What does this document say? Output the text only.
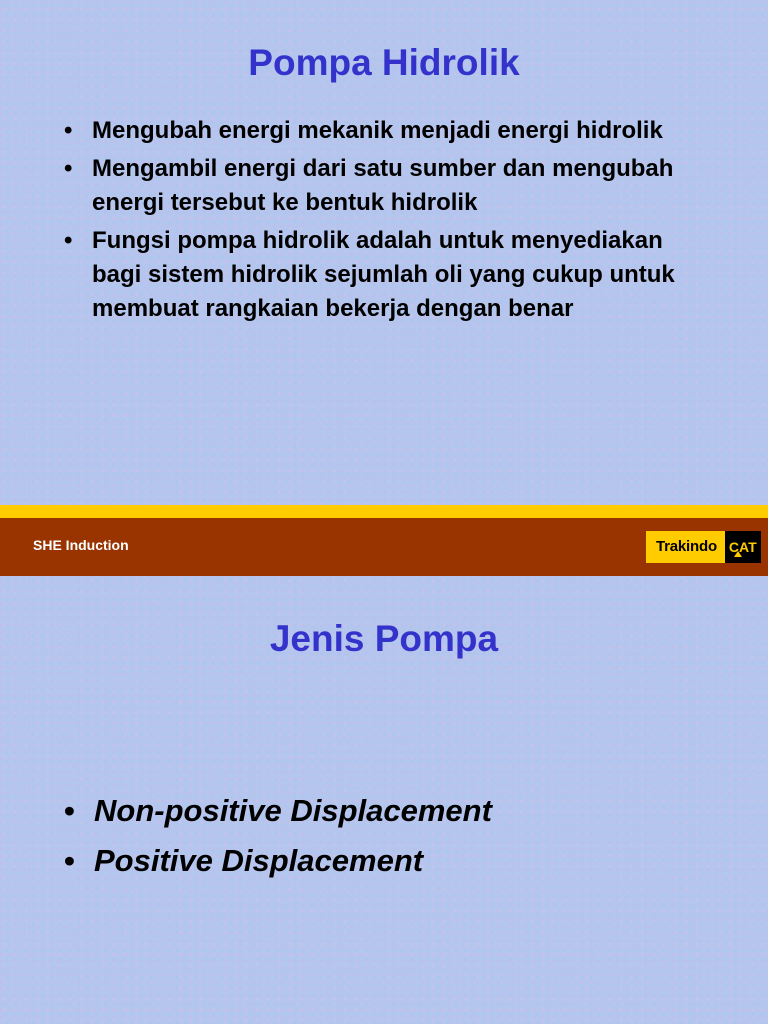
Pompa Hidrolik
• Mengubah energi mekanik menjadi energi hidrolik
• Mengambil energi dari satu sumber dan mengubah energi tersebut ke bentuk hidrolik
• Fungsi pompa hidrolik adalah untuk menyediakan bagi sistem hidrolik sejumlah oli yang cukup untuk membuat rangkaian bekerja dengan benar
SHE Induction	Trakindo CAT
Jenis Pompa
• Non-positive Displacement
• Positive Displacement
